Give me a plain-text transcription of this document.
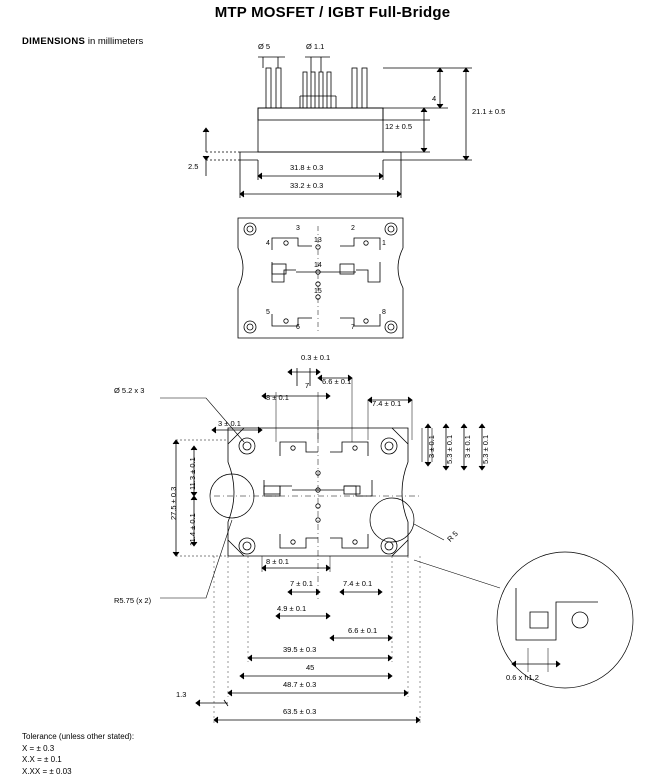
MTP MOSFET / IGBT Full-Bridge
DIMENSIONS in millimeters	Ø 5	Ø 1.1
4
12 ± 0.5
21.1 ± 0.5
2.5	31.8 ± 0.3
33.2 ± 0.3
3	2
4	1
13
14
15
5	8
6	7
0.3 ± 0.1
7 6.6 ± 0.1
8 ± 0.1
7.4 ± 0.1
Ø 5.2 x 3
3 ± 0.1
3 ± 0.1 5.3 ± 0.1 3 ± 0.1 5.3 ± 0.1
27.5 ± 0.3
11.3 ± 0.1
11.4 ± 0.1	R 5
8 ± 0.1
7 ± 0.1	7.4 ± 0.1
R5.75 (x 2)
4.9 ± 0.1
6.6 ± 0.1
39.5 ± 0.3
45
48.7 ± 0.3
1.3
63.5 ± 0.3
0.6 x h1.2
Tolerance (unless other stated):
X = ± 0.3
X.X = ± 0.1
X.XX = ± 0.03
